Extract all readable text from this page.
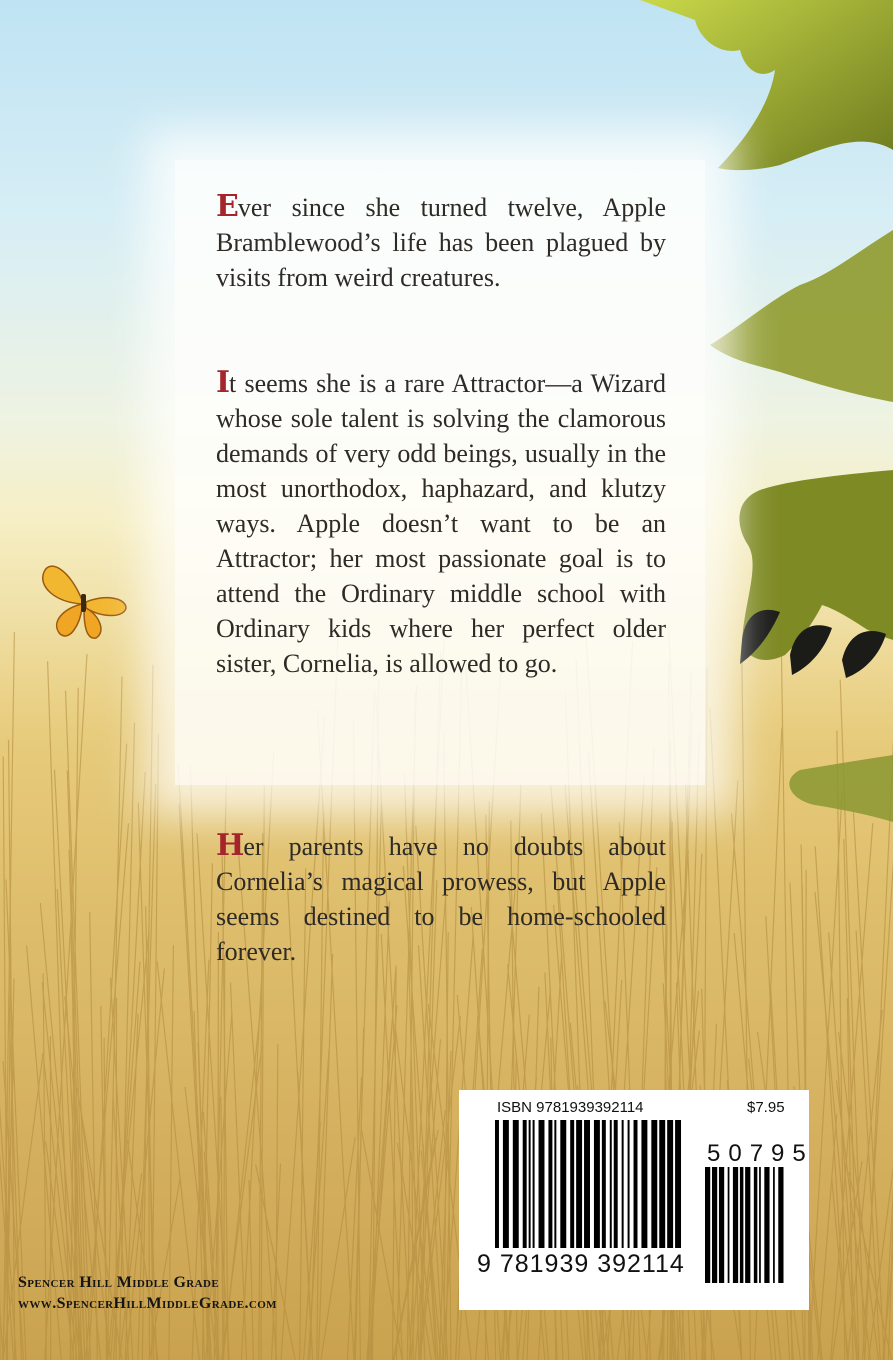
Ever since she turned twelve, Apple Bramblewood’s life has been plagued by visits from weird creatures.

It seems she is a rare Attractor—a Wizard whose sole talent is solving the clamorous demands of very odd beings, usually in the most unorthodox, haphazard, and klutzy ways. Apple doesn’t want to be an Attractor; her most passionate goal is to attend the Ordinary middle school with Ordinary kids where her perfect older sister, Cornelia, is allowed to go.

Her parents have no doubts about Cornelia’s magical prowess, but Apple seems destined to be home-schooled forever.

ISBN 9781939392114	$7.95
9 781939 392114
50795

Spencer Hill Middle Grade
www.SpencerHillMiddleGrade.com
